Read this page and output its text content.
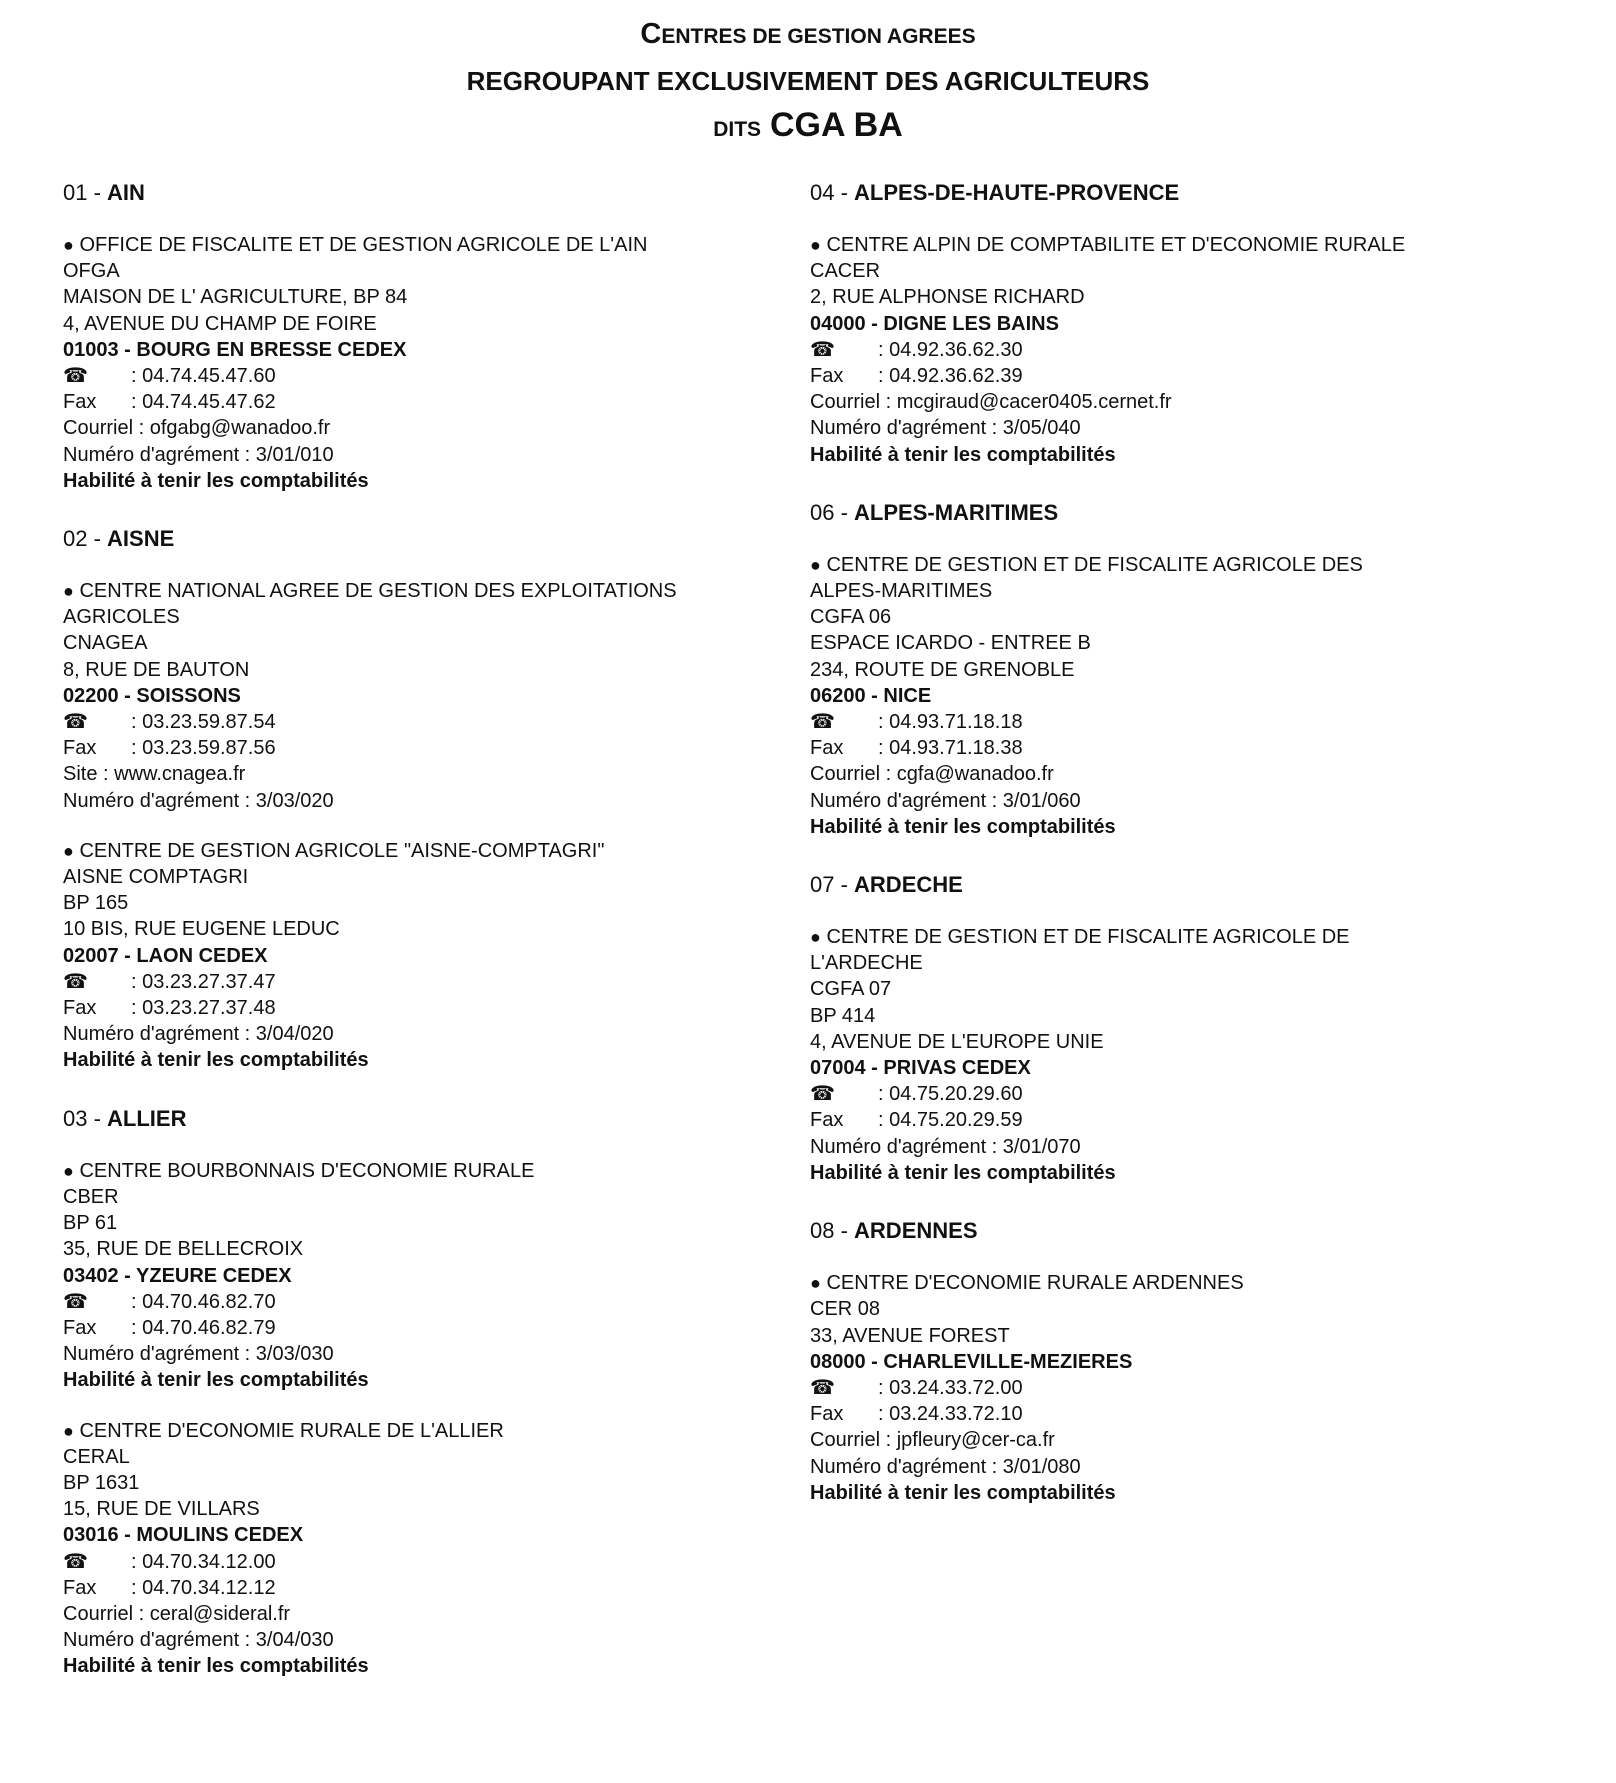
CENTRES DE GESTION AGREES
REGROUPANT EXCLUSIVEMENT DES AGRICULTEURS
DITS CGA BA
01 - AIN
● OFFICE DE FISCALITE ET DE GESTION AGRICOLE DE L'AIN
OFGA
MAISON DE L' AGRICULTURE, BP 84
4, AVENUE DU CHAMP DE FOIRE
01003 - BOURG EN BRESSE CEDEX
☎	: 04.74.45.47.60
Fax	: 04.74.45.47.62
Courriel : ofgabg@wanadoo.fr
Numéro d'agrément : 3/01/010
Habilité à tenir les comptabilités
02 - AISNE
● CENTRE NATIONAL AGREE DE GESTION DES EXPLOITATIONS
AGRICOLES
CNAGEA
8, RUE DE BAUTON
02200 - SOISSONS
☎	: 03.23.59.87.54
Fax	: 03.23.59.87.56
Site : www.cnagea.fr
Numéro d'agrément : 3/03/020
● CENTRE DE GESTION AGRICOLE "AISNE-COMPTAGRI"
AISNE COMPTAGRI
BP 165
10 BIS, RUE EUGENE LEDUC
02007 - LAON CEDEX
☎	: 03.23.27.37.47
Fax	: 03.23.27.37.48
Numéro d'agrément : 3/04/020
Habilité à tenir les comptabilités
03 - ALLIER
● CENTRE BOURBONNAIS D'ECONOMIE RURALE
CBER
BP 61
35, RUE DE BELLECROIX
03402 - YZEURE CEDEX
☎	: 04.70.46.82.70
Fax	: 04.70.46.82.79
Numéro d'agrément : 3/03/030
Habilité à tenir les comptabilités
● CENTRE D'ECONOMIE RURALE DE L'ALLIER
CERAL
BP 1631
15, RUE DE VILLARS
03016 - MOULINS CEDEX
☎	: 04.70.34.12.00
Fax	: 04.70.34.12.12
Courriel : ceral@sideral.fr
Numéro d'agrément : 3/04/030
Habilité à tenir les comptabilités
04 - ALPES-DE-HAUTE-PROVENCE
● CENTRE ALPIN DE COMPTABILITE ET D'ECONOMIE RURALE
CACER
2, RUE ALPHONSE RICHARD
04000 - DIGNE LES BAINS
☎	: 04.92.36.62.30
Fax	: 04.92.36.62.39
Courriel : mcgiraud@cacer0405.cernet.fr
Numéro d'agrément : 3/05/040
Habilité à tenir les comptabilités
06 - ALPES-MARITIMES
● CENTRE DE GESTION ET DE FISCALITE AGRICOLE DES
ALPES-MARITIMES
CGFA 06
ESPACE ICARDO - ENTREE B
234, ROUTE DE GRENOBLE
06200 - NICE
☎	: 04.93.71.18.18
Fax	: 04.93.71.18.38
Courriel : cgfa@wanadoo.fr
Numéro d'agrément : 3/01/060
Habilité à tenir les comptabilités
07 - ARDECHE
● CENTRE DE GESTION ET DE FISCALITE AGRICOLE DE
L'ARDECHE
CGFA 07
BP 414
4, AVENUE DE L'EUROPE UNIE
07004 - PRIVAS CEDEX
☎	: 04.75.20.29.60
Fax	: 04.75.20.29.59
Numéro d'agrément : 3/01/070
Habilité à tenir les comptabilités
08 - ARDENNES
● CENTRE D'ECONOMIE RURALE ARDENNES
CER 08
33, AVENUE FOREST
08000 - CHARLEVILLE-MEZIERES
☎	: 03.24.33.72.00
Fax	: 03.24.33.72.10
Courriel : jpfleury@cer-ca.fr
Numéro d'agrément : 3/01/080
Habilité à tenir les comptabilités
